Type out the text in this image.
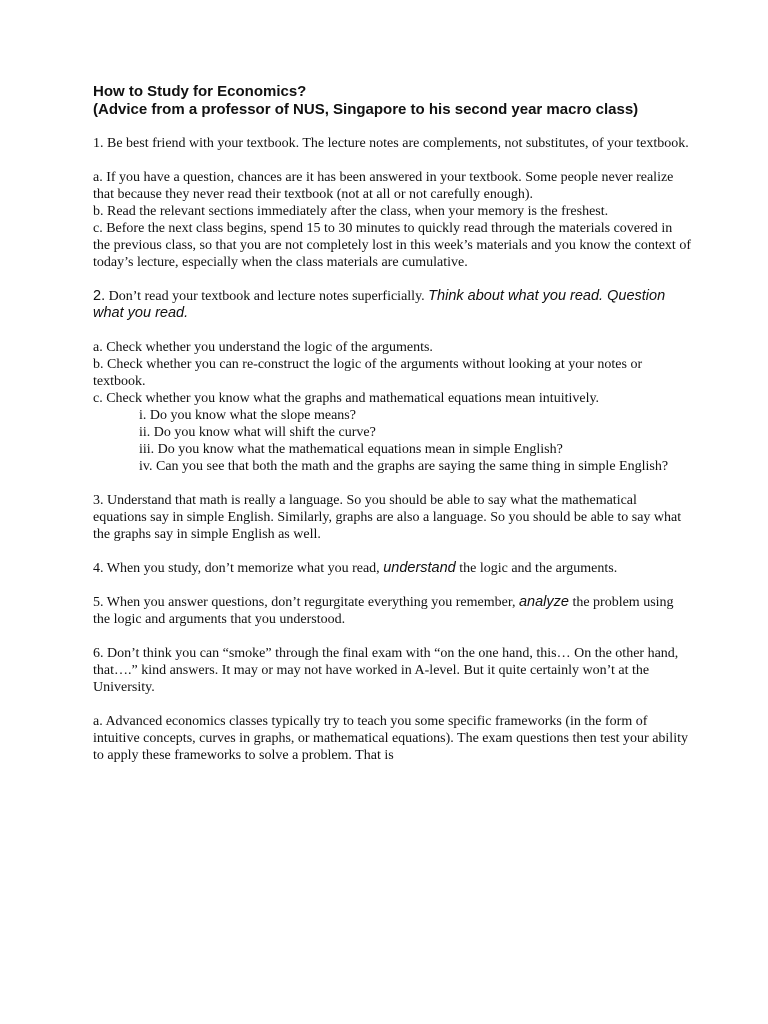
How to Study for Economics?
(Advice from a professor of NUS, Singapore to his second year macro class)

1. Be best friend with your textbook. The lecture notes are complements, not substitutes, of your textbook.

a. If you have a question, chances are it has been answered in your textbook. Some people never realize that because they never read their textbook (not at all or not carefully enough).

b. Read the relevant sections immediately after the class, when your memory is the freshest.

c. Before the next class begins, spend 15 to 30 minutes to quickly read through the materials covered in the previous class, so that you are not completely lost in this week’s materials and you know the context of today’s lecture, especially when the class materials are cumulative.

2. Don’t read your textbook and lecture notes superficially. Think about what you read. Question what you read.

a. Check whether you understand the logic of the arguments.

b. Check whether you can re-construct the logic of the arguments without looking at your notes or textbook.

c. Check whether you know what the graphs and mathematical equations mean intuitively.

i. Do you know what the slope means?

ii. Do you know what will shift the curve?

iii. Do you know what the mathematical equations mean in simple English?

iv. Can you see that both the math and the graphs are saying the same thing in simple English?

3. Understand that math is really a language. So you should be able to say what the mathematical equations say in simple English. Similarly, graphs are also a language. So you should be able to say what the graphs say in simple English as well.

4. When you study, don’t memorize what you read, understand the logic and the arguments.

5. When you answer questions, don’t regurgitate everything you remember, analyze the problem using the logic and arguments that you understood.

6. Don’t think you can “smoke” through the final exam with “on the one hand, this… On the other hand, that….” kind answers. It may or may not have worked in A-level. But it quite certainly won’t at the University.

a. Advanced economics classes typically try to teach you some specific frameworks (in the form of intuitive concepts, curves in graphs, or mathematical equations). The exam questions then test your ability to apply these frameworks to solve a problem. That is
